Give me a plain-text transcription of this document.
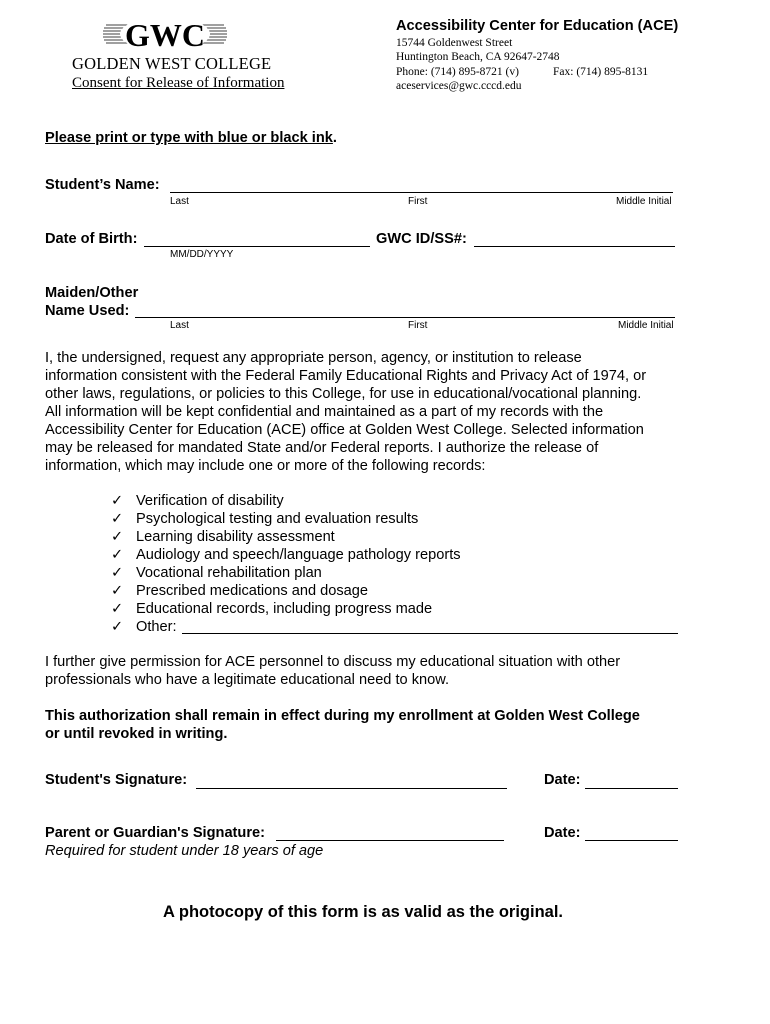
GWC
GOLDEN WEST COLLEGE
Consent for Release of Information
Accessibility Center for Education (ACE)
15744 Goldenwest Street
Huntington Beach, CA 92647-2748
Phone: (714) 895-8721 (v)	Fax: (714) 895-8131
aceservices@gwc.cccd.edu
Please print or type with blue or black ink.
Student’s Name:
Last	First	Middle Initial
Date of Birth:
MM/DD/YYYY
GWC ID/SS#:
Maiden/Other
Name Used:
Last	First	Middle Initial
I, the undersigned, request any appropriate person, agency, or institution to release
information consistent with the Federal Family Educational Rights and Privacy Act of 1974, or
other laws, regulations, or policies to this College, for use in educational/vocational planning.
All information will be kept confidential and maintained as a part of my records with the
Accessibility Center for Education (ACE) office at Golden West College. Selected information
may be released for mandated State and/or Federal reports. I authorize the release of
information, which may include one or more of the following records:
✓ Verification of disability
✓ Psychological testing and evaluation results
✓ Learning disability assessment
✓ Audiology and speech/language pathology reports
✓ Vocational rehabilitation plan
✓ Prescribed medications and dosage
✓ Educational records, including progress made
✓ Other:
I further give permission for ACE personnel to discuss my educational situation with other
professionals who have a legitimate educational need to know.
This authorization shall remain in effect during my enrollment at Golden West College
or until revoked in writing.
Student's Signature:	Date:
Parent or Guardian's Signature:	Date:
Required for student under 18 years of age
A photocopy of this form is as valid as the original.
